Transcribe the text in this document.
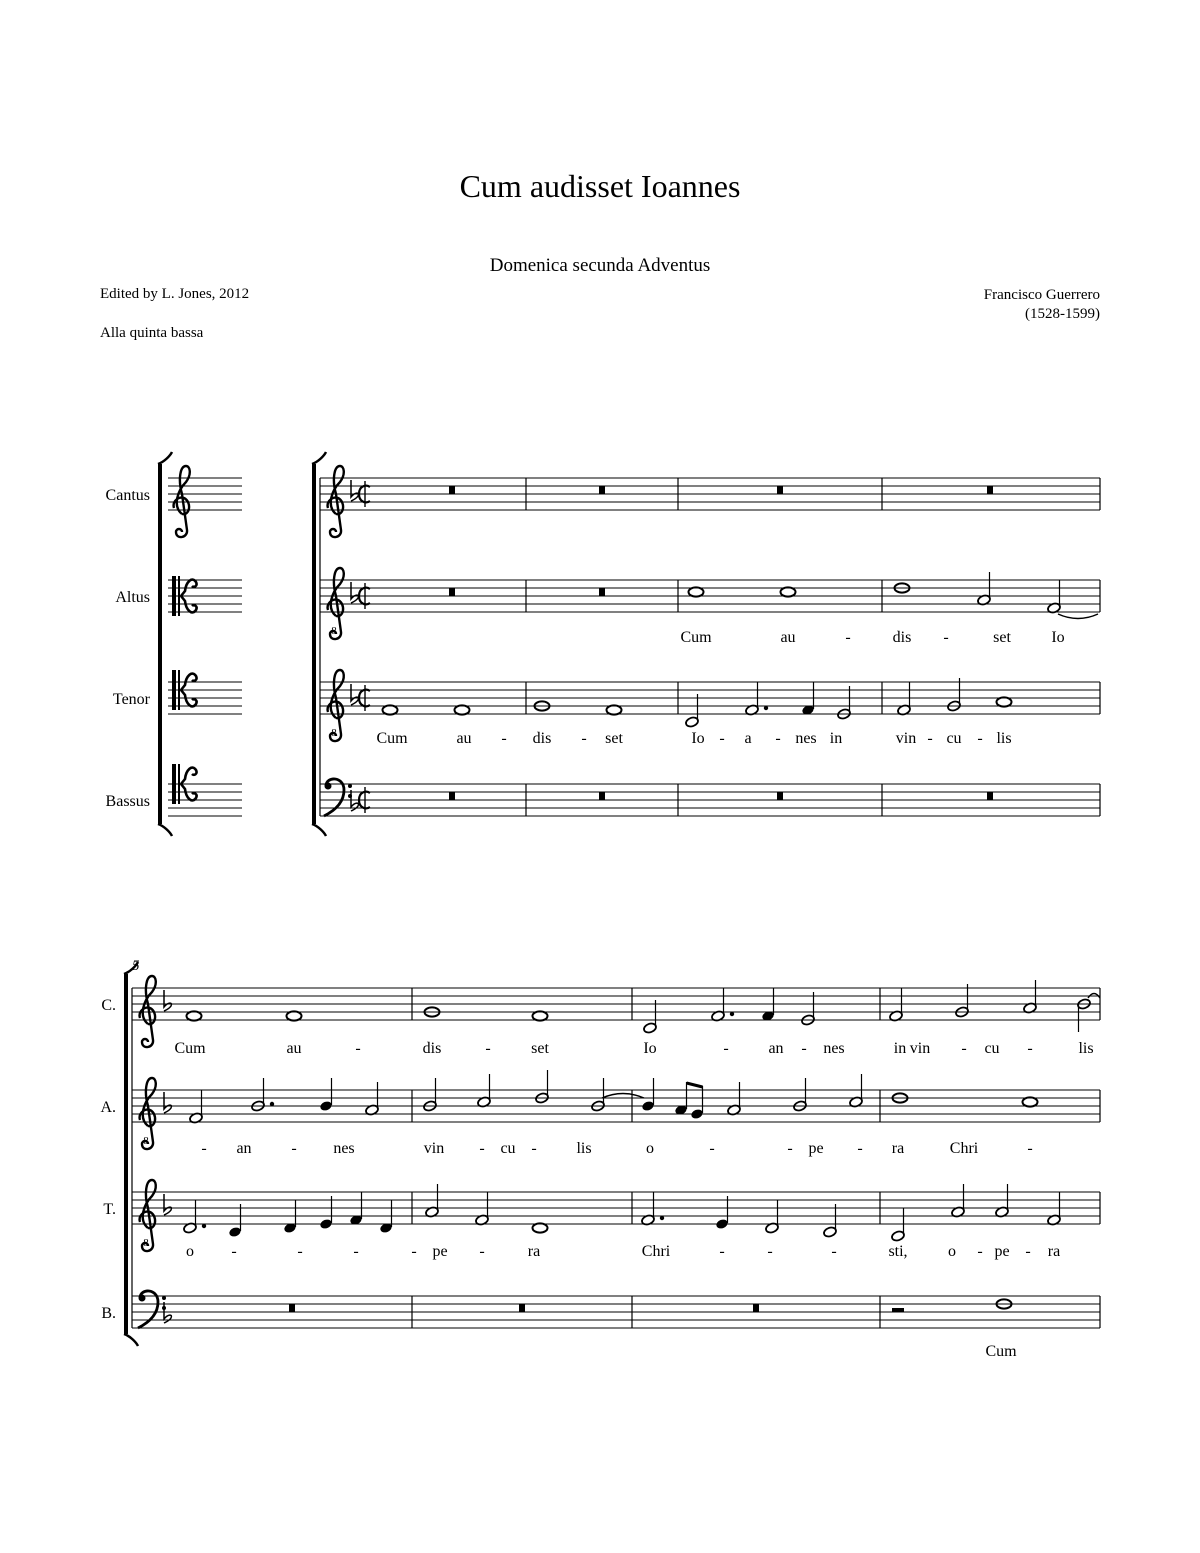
Cum audisset Ioannes
Domenica secunda Adventus
Edited by L. Jones, 2012
Alla quinta bassa
Francisco Guerrero
(1528-1599)
8
8
8
8
Cantus
Altus
Tenor
Bassus
Cum	au	-	dis -	set	Io
Cum	au - dis - set	Io - a - nes in	vin - cu - lis
5
C.
A.
T.
B.
Cum	au	-	dis	-	set	Io	- an - nes	in vin - cu -	lis
- an - nes	vin - cu - lis	o	-	- pe - ra	Chri	-
o -	-	-	- pe -	ra	Chri	-	-	-	sti,	o - pe - ra
Cum
